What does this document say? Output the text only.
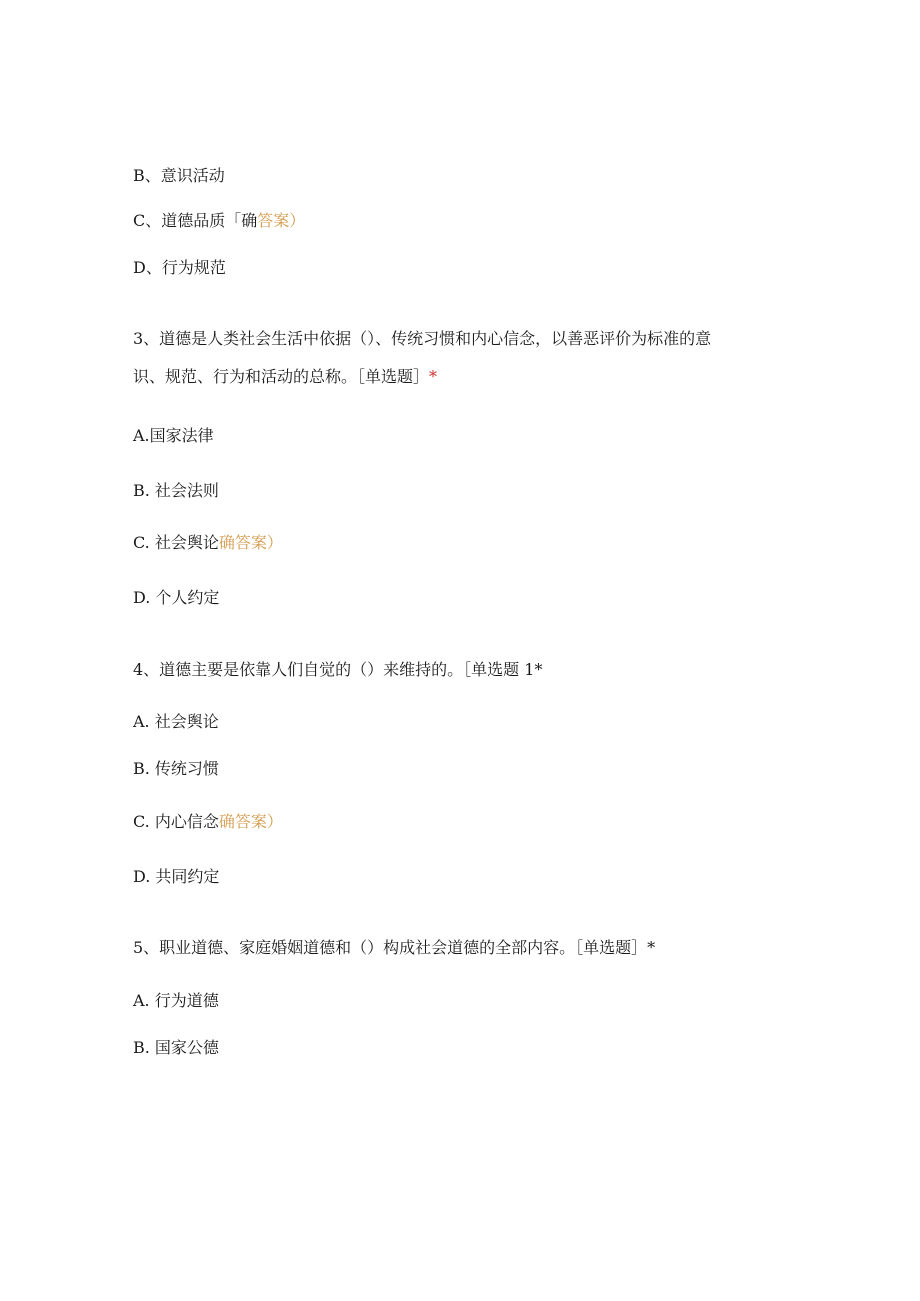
B、意识活动
C、道德品质「确答案）
D、行为规范
3、道德是人类社会生活中依据（）、传统习惯和内心信念，以善恶评价为标准的意
识、规范、行为和活动的总称。［单选题］*
A.国家法律
B. 社会法则
C. 社会舆论确答案）
D. 个人约定
4、道德主要是依靠人们自觉的（）来维持的。［单选题 1*
A. 社会舆论
B. 传统习惯
C. 内心信念确答案）
D. 共同约定
5、职业道德、家庭婚姻道德和（）构成社会道德的全部内容。［单选题］*
A. 行为道德
B. 国家公德
